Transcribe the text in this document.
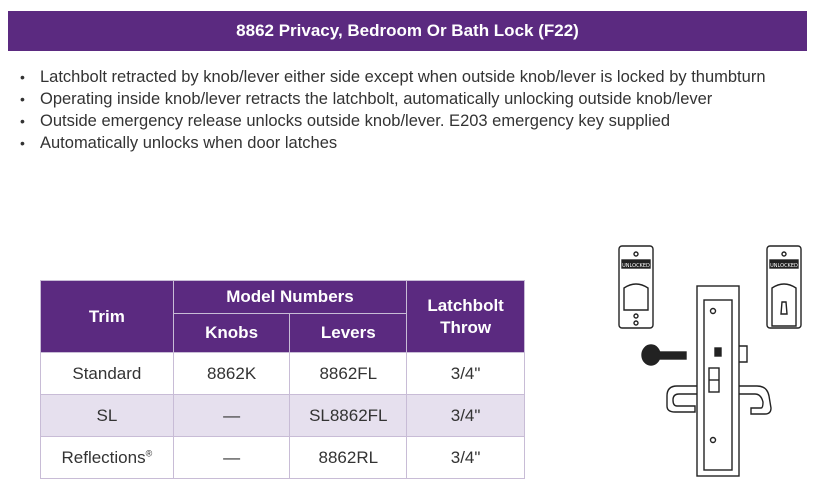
8862 Privacy, Bedroom Or Bath Lock (F22)
• Latchbolt retracted by knob/lever either side except when outside knob/lever is locked by thumbturn
• Operating inside knob/lever retracts the latchbolt, automatically unlocking outside knob/lever
• Outside emergency release unlocks outside knob/lever. E203 emergency key supplied
• Automatically unlocks when door latches
Trim	Model Numbers		Latchbolt Throw
	Knobs	Levers	
Standard	8862K	8862FL	3/4"
SL	—	SL8862FL	3/4"
Reflections®	—	8862RL	3/4"
UNLOCKED	UNLOCKED
